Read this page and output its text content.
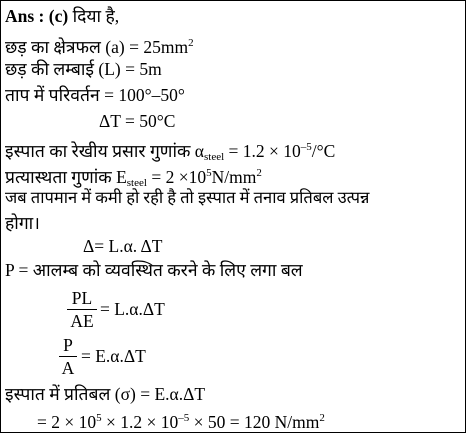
Ans : (c) दिया है,
छड़ का क्षेत्रफल $(a) = 25mm^2$
छड़ की लम्बाई (L) = 5m
ताप में परिवर्तन = 100°–50°
ΔT = 50°C
इस्पात का रेखीय प्रसार गुणांक $\alpha_{steel} = 1.2 \times 10^{-5}/^\circ C$
प्रत्यास्थता गुणांक $E_{steel} = 2 \times 10^5N/mm^2$
जब तापमान में कमी हो रही है तो इस्पात में तनाव प्रतिबल उत्पन्न
होगा।
Δ= L.α. ΔT
P = आलम्ब को व्यवस्थित करने के लिए लगा बल
PL
AE
= L.α.ΔT
P
A
= E.α.ΔT
इस्पात में प्रतिबल (σ) = E.α.ΔT
= $2 \times 10^5 \times 1.2 \times 10^{-5} \times 50 = 120$ $N/mm^2$
